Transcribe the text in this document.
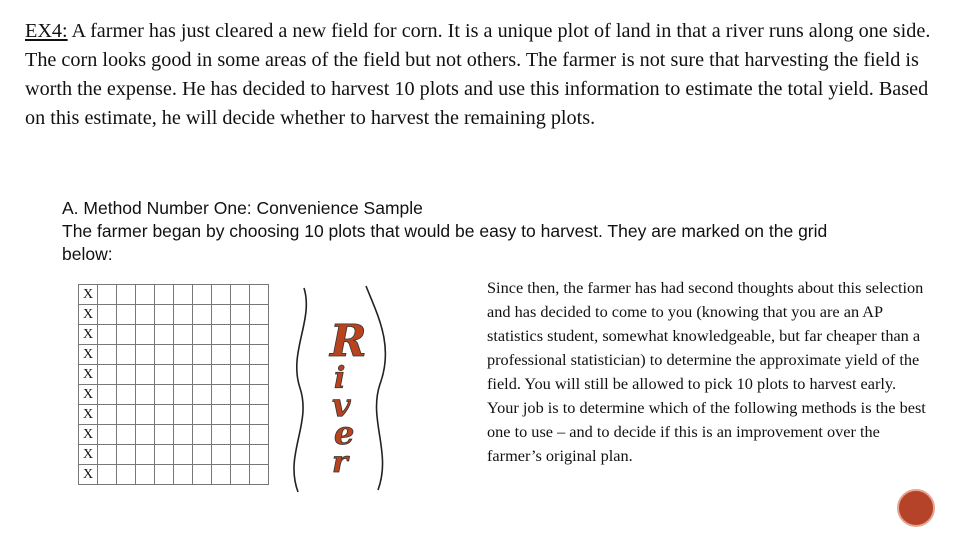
EX4: A farmer has just cleared a new field for corn. It is a unique plot of land in that a river runs along one side. The corn looks good in some areas of the field but not others. The farmer is not sure that harvesting the field is worth the expense. He has decided to harvest 10 plots and use this information to estimate the total yield. Based on this estimate, he will decide whether to harvest the remaining plots.
A. Method Number One: Convenience Sample
The farmer began by choosing 10 plots that would be easy to harvest. They are marked on the grid below:
X									
X									
X									
X									
X									
X									
X									
X									
X									
X									
R
i
v
e
r
Since then, the farmer has had second thoughts about this selection and has decided to come to you (knowing that you are an AP statistics student, somewhat knowledgeable, but far cheaper than a professional statistician) to determine the approximate yield of the field. You will still be allowed to pick 10 plots to harvest early. Your job is to determine which of the following methods is the best one to use – and to decide if this is an improvement over the farmer’s original plan.
